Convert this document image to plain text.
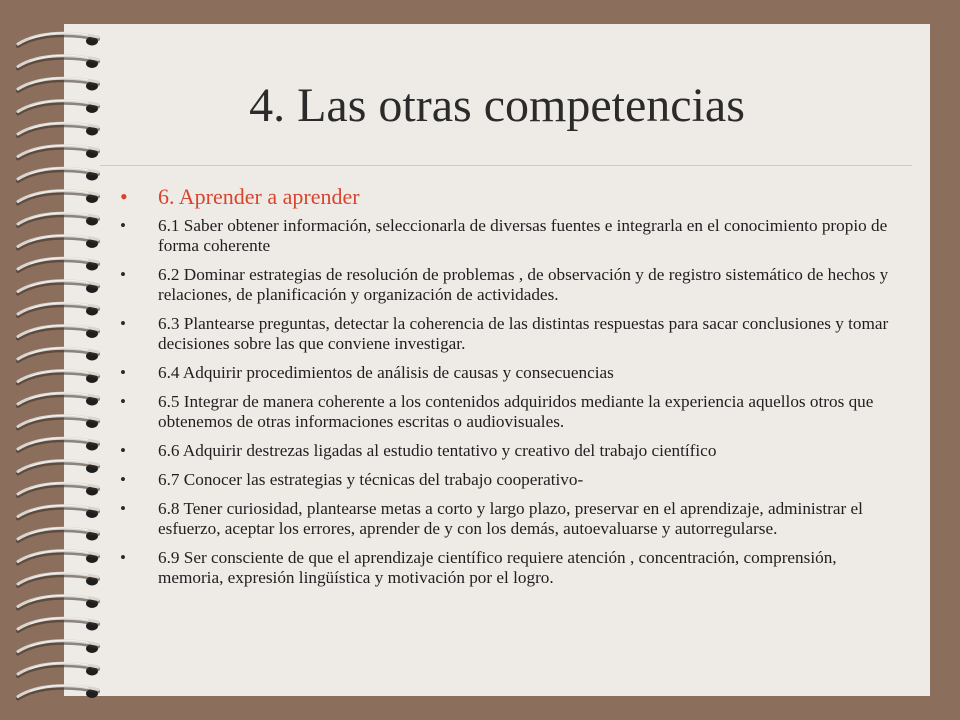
4. Las otras competencias
• 6. Aprender a aprender
• 6.1 Saber obtener información, seleccionarla de diversas fuentes e integrarla en el conocimiento propio de forma coherente
• 6.2 Dominar estrategias de resolución de problemas , de observación y de registro sistemático de hechos y relaciones, de planificación y organización de actividades.
• 6.3 Plantearse preguntas, detectar la coherencia de las distintas respuestas para sacar conclusiones y tomar decisiones sobre las que conviene investigar.
• 6.4 Adquirir procedimientos de análisis de causas y consecuencias
• 6.5 Integrar de manera coherente a los contenidos adquiridos mediante la experiencia aquellos otros que obtenemos de otras informaciones escritas o audiovisuales.
• 6.6 Adquirir destrezas ligadas al estudio tentativo y creativo del trabajo científico
• 6.7 Conocer las estrategias y técnicas del trabajo cooperativo-
• 6.8 Tener curiosidad, plantearse metas a corto y largo plazo, preservar en el aprendizaje, administrar el esfuerzo, aceptar los errores, aprender de y con los demás, autoevaluarse y autorregularse.
• 6.9 Ser consciente de que el aprendizaje científico requiere atención , concentración, comprensión, memoria, expresión lingüística y motivación por el logro.
